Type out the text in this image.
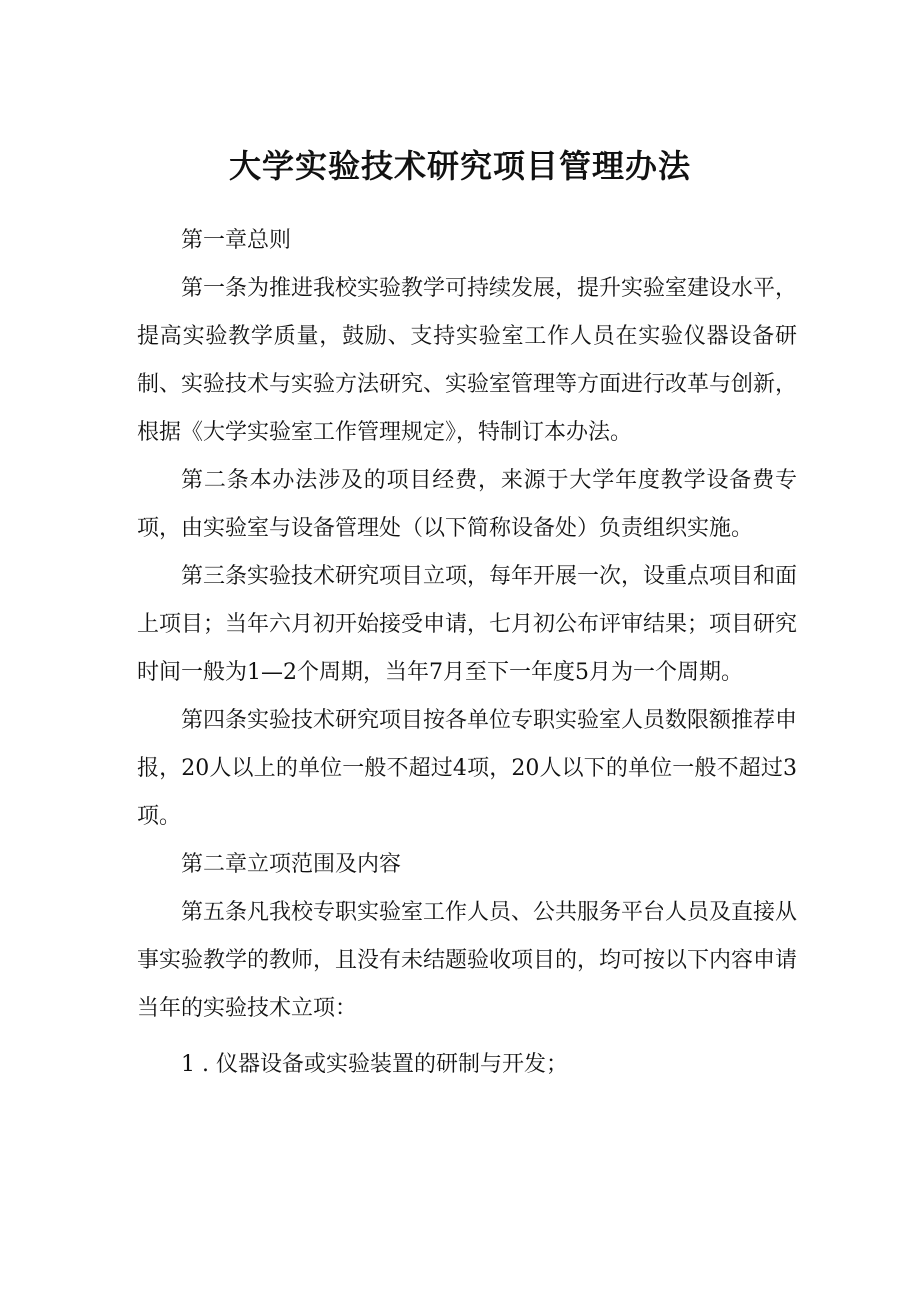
大学实验技术研究项目管理办法

第一章总则

第一条为推进我校实验教学可持续发展，提升实验室建设水平，提高实验教学质量，鼓励、支持实验室工作人员在实验仪器设备研制、实验技术与实验方法研究、实验室管理等方面进行改革与创新，根据《大学实验室工作管理规定》，特制订本办法。

第二条本办法涉及的项目经费，来源于大学年度教学设备费专项，由实验室与设备管理处（以下简称设备处）负责组织实施。

第三条实验技术研究项目立项，每年开展一次，设重点项目和面上项目；当年六月初开始接受申请，七月初公布评审结果；项目研究时间一般为1—2个周期，当年7月至下一年度5月为一个周期。

第四条实验技术研究项目按各单位专职实验室人员数限额推荐申报，20人以上的单位一般不超过4项，20人以下的单位一般不超过3项。

第二章立项范围及内容

第五条凡我校专职实验室工作人员、公共服务平台人员及直接从事实验教学的教师，且没有未结题验收项目的，均可按以下内容申请当年的实验技术立项：

1 . 仪器设备或实验装置的研制与开发；
